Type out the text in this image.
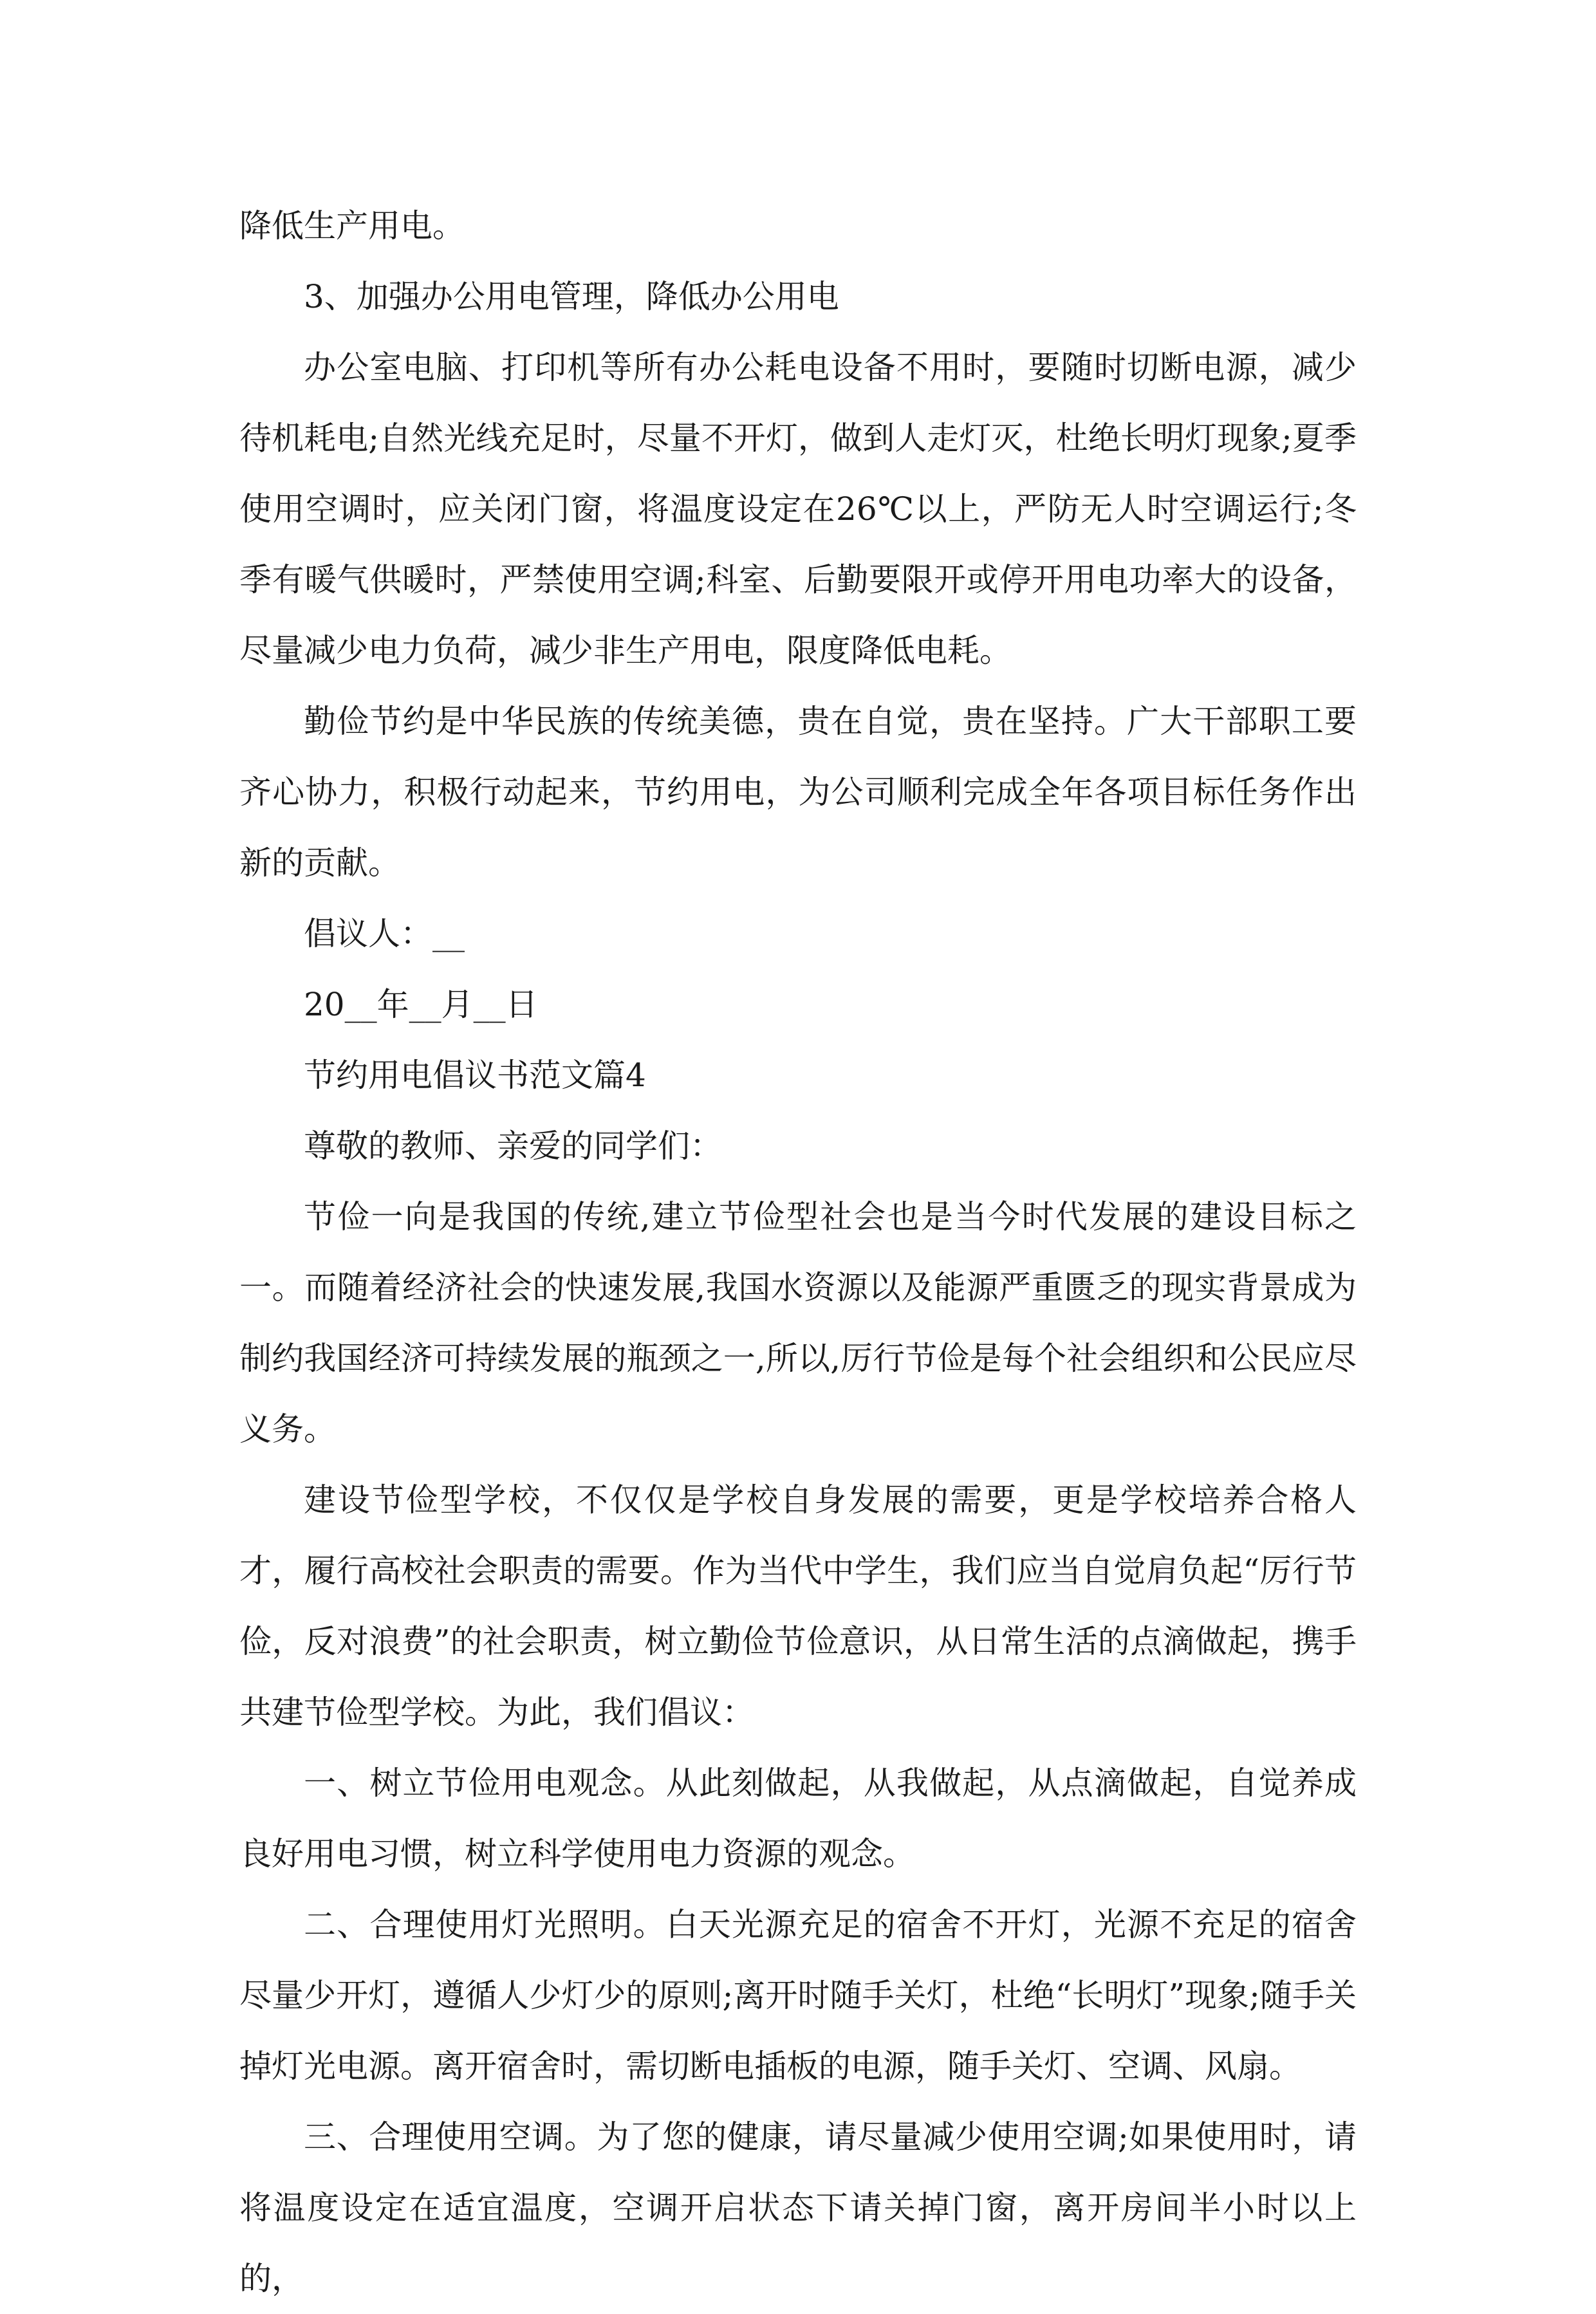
降低生产用电。

3、加强办公用电管理，降低办公用电

办公室电脑、打印机等所有办公耗电设备不用时，要随时切断电源，减少待机耗电;自然光线充足时，尽量不开灯，做到人走灯灭，杜绝长明灯现象;夏季使用空调时，应关闭门窗，将温度设定在26℃以上，严防无人时空调运行;冬季有暖气供暖时，严禁使用空调;科室、后勤要限开或停开用电功率大的设备，尽量减少电力负荷，减少非生产用电，限度降低电耗。

勤俭节约是中华民族的传统美德，贵在自觉，贵在坚持。广大干部职工要齐心协力，积极行动起来，节约用电，为公司顺利完成全年各项目标任务作出新的贡献。

倡议人：__

20__年__月__日

节约用电倡议书范文篇4

尊敬的教师、亲爱的同学们：

节俭一向是我国的传统,建立节俭型社会也是当今时代发展的建设目标之一。而随着经济社会的快速发展,我国水资源以及能源严重匮乏的现实背景成为制约我国经济可持续发展的瓶颈之一,所以,厉行节俭是每个社会组织和公民应尽义务。

建设节俭型学校，不仅仅是学校自身发展的需要，更是学校培养合格人才，履行高校社会职责的需要。作为当代中学生，我们应当自觉肩负起“厉行节俭，反对浪费”的社会职责，树立勤俭节俭意识，从日常生活的点滴做起，携手共建节俭型学校。为此，我们倡议：

一、树立节俭用电观念。从此刻做起，从我做起，从点滴做起，自觉养成良好用电习惯，树立科学使用电力资源的观念。

二、合理使用灯光照明。白天光源充足的宿舍不开灯，光源不充足的宿舍尽量少开灯，遵循人少灯少的原则;离开时随手关灯，杜绝“长明灯”现象;随手关掉灯光电源。离开宿舍时，需切断电插板的电源，随手关灯、空调、风扇。

三、合理使用空调。为了您的健康，请尽量减少使用空调;如果使用时，请将温度设定在适宜温度，空调开启状态下请关掉门窗，离开房间半小时以上的，
